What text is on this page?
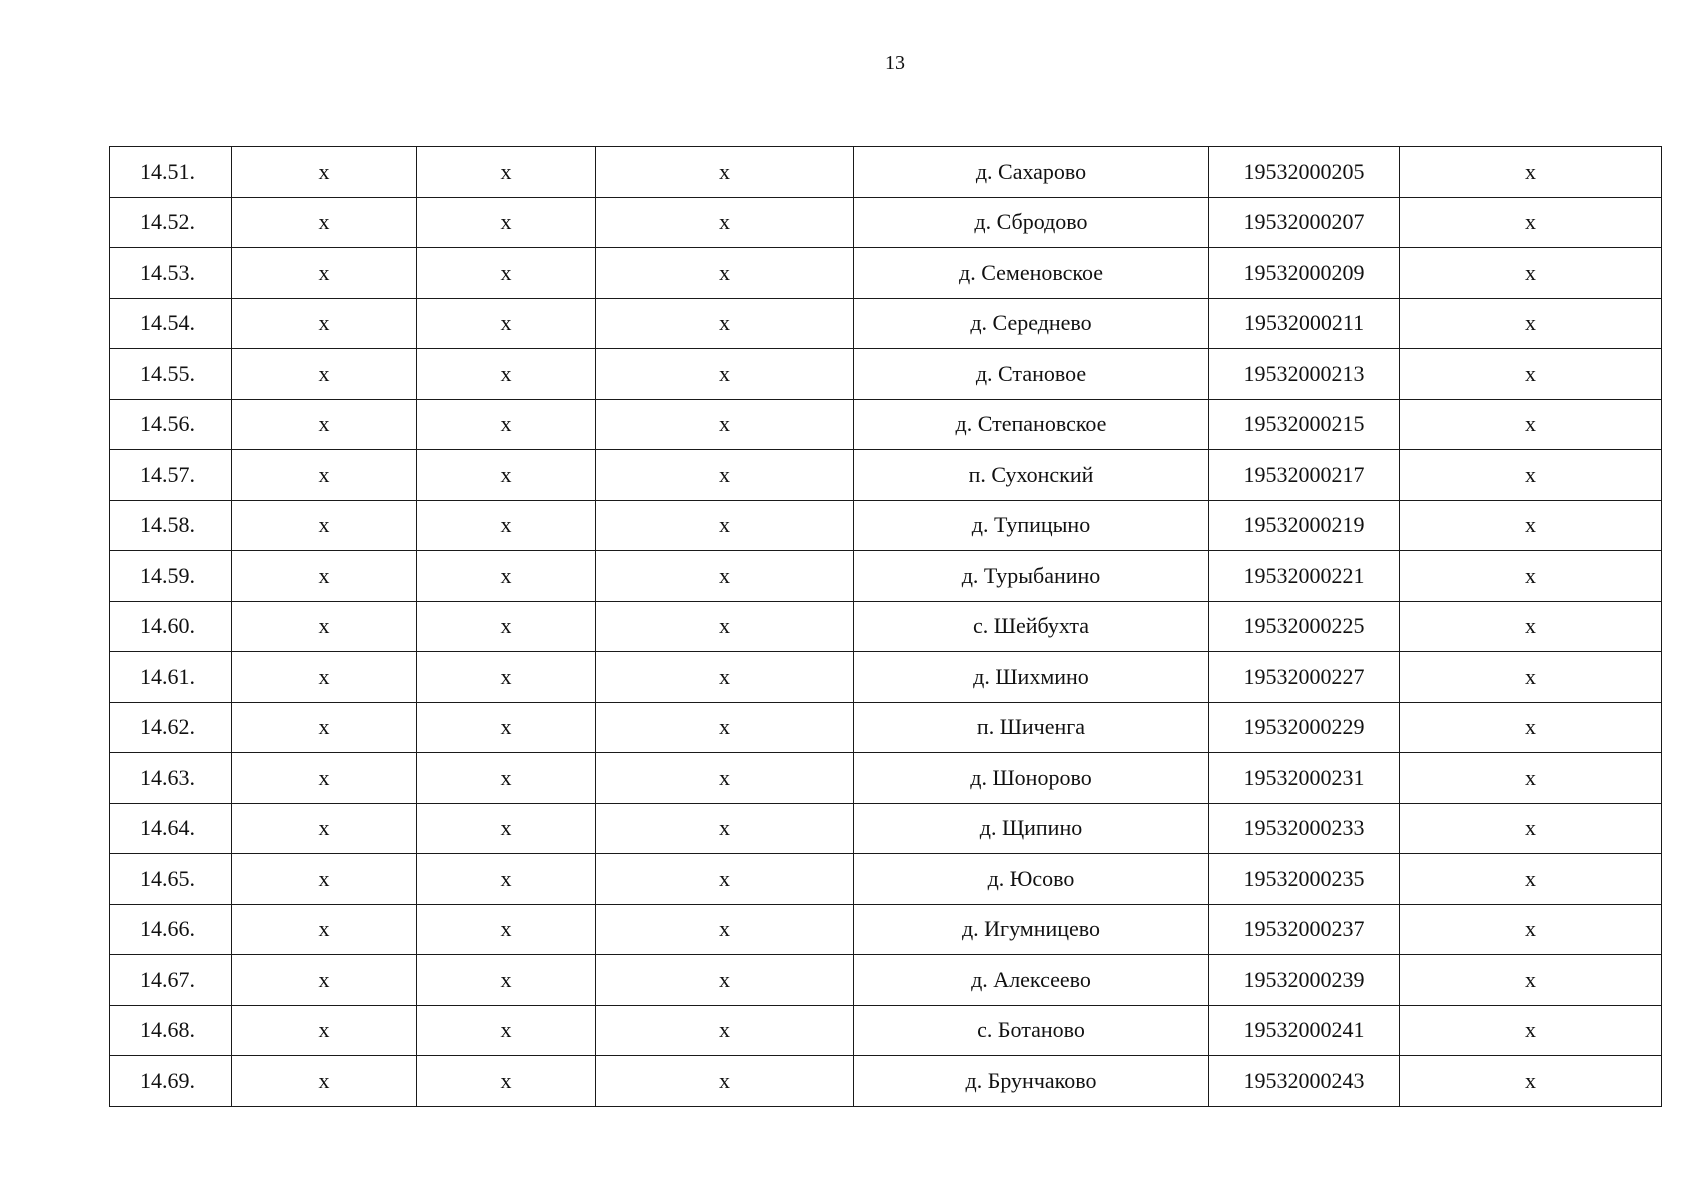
13
14.51.	x	x	x	д. Сахарово	19532000205	x
14.52.	x	x	x	д. Сбродово	19532000207	x
14.53.	x	x	x	д. Семеновское	19532000209	x
14.54.	x	x	x	д. Середнево	19532000211	x
14.55.	x	x	x	д. Становое	19532000213	x
14.56.	x	x	x	д. Степановское	19532000215	x
14.57.	x	x	x	п. Сухонский	19532000217	x
14.58.	x	x	x	д. Тупицыно	19532000219	x
14.59.	x	x	x	д. Турыбанино	19532000221	x
14.60.	x	x	x	с. Шейбухта	19532000225	x
14.61.	x	x	x	д. Шихмино	19532000227	x
14.62.	x	x	x	п. Шиченга	19532000229	x
14.63.	x	x	x	д. Шонорово	19532000231	x
14.64.	x	x	x	д. Щипино	19532000233	x
14.65.	x	x	x	д. Юсово	19532000235	x
14.66.	x	x	x	д. Игумницево	19532000237	x
14.67.	x	x	x	д. Алексеево	19532000239	x
14.68.	x	x	x	с. Ботаново	19532000241	x
14.69.	x	x	x	д. Брунчаково	19532000243	x
